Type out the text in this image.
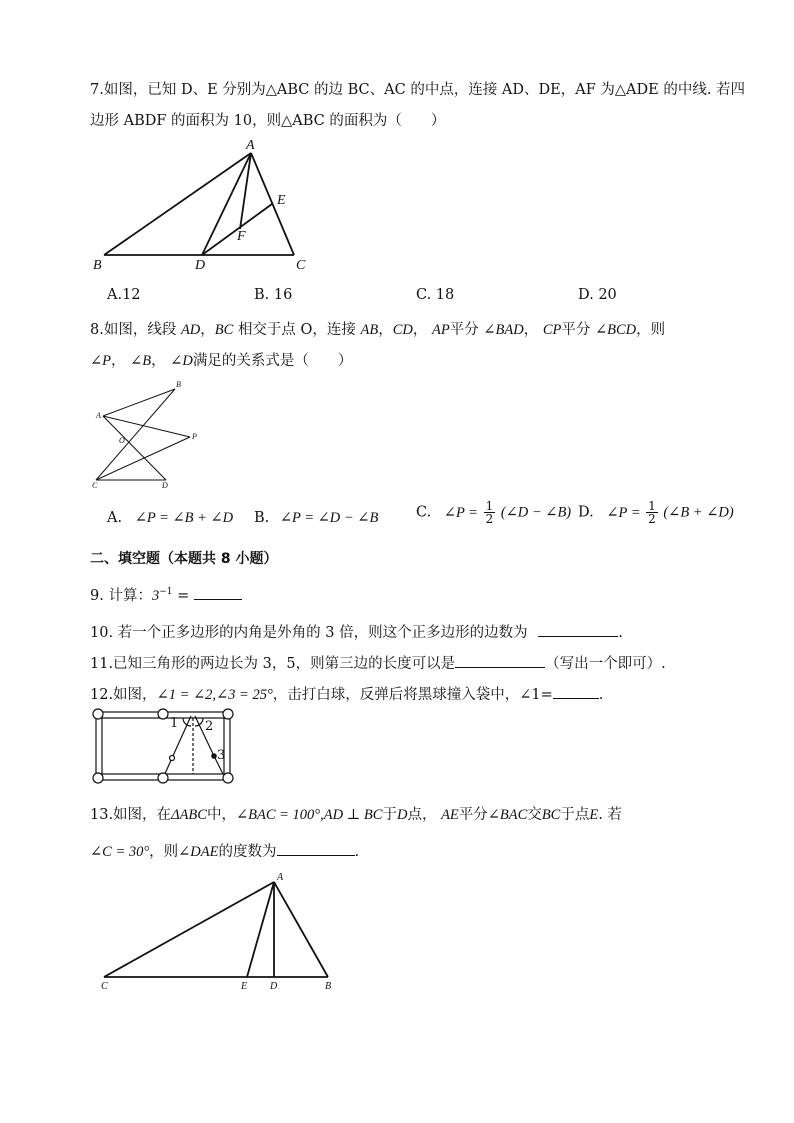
7.如图，已知 D、E 分别为△ABC 的边 BC、AC 的中点，连接 AD、DE，AF 为△ADE 的中线. 若四
边形 ABDF 的面积为 10，则△ABC 的面积为（　　）
A
B	D	C
E
F
A.12	B. 16	C. 18	D. 20
8.如图，线段 AD，BC 相交于点 O，连接 AB，CD， AP平分 ∠BAD， CP平分 ∠BCD，则
∠P， ∠B， ∠D满足的关系式是（　　）
A
B
O	P
C	D
A. ∠P = ∠B + ∠D B. ∠P = ∠D − ∠B	C. ∠P = $\frac{1}{2}$ (∠D − ∠B) D. ∠P = $\frac{1}{2}$ (∠B + ∠D)
二、填空题（本题共 8 小题）
9. 计算：$3^{-1}$ =
10. 若一个正多边形的内角是外角的 3 倍，则这个正多边形的边数为	.
11.已知三角形的两边长为 3，5，则第三边的长度可以是	（写出一个即可）.
12.如图，∠1 = ∠2,∠3 = 25°，击打白球，反弹后将黑球撞入袋中，∠1=	.
1 2
3
13.如图，在ΔABC中，∠BAC = 100°,AD ⊥ BC于D点， AE平分∠BAC交BC于点E. 若
∠C = 30°，则∠DAE的度数为	.
A
C	E D	B
